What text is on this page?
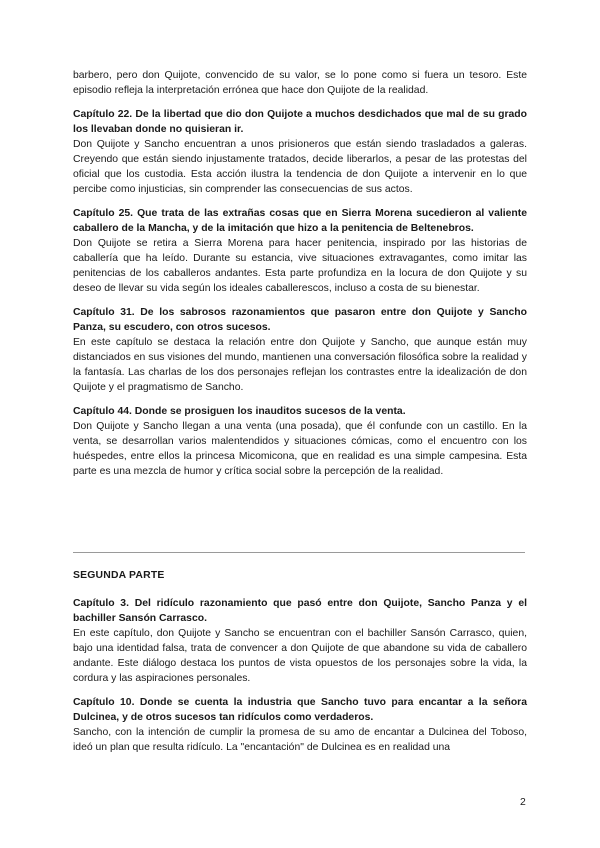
barbero, pero don Quijote, convencido de su valor, se lo pone como si fuera un tesoro. Este episodio refleja la interpretación errónea que hace don Quijote de la realidad.

Capítulo 22. De la libertad que dio don Quijote a muchos desdichados que mal de su grado los llevaban donde no quisieran ir.

Don Quijote y Sancho encuentran a unos prisioneros que están siendo trasladados a galeras. Creyendo que están siendo injustamente tratados, decide liberarlos, a pesar de las protestas del oficial que los custodia. Esta acción ilustra la tendencia de don Quijote a intervenir en lo que percibe como injusticias, sin comprender las consecuencias de sus actos.

Capítulo 25. Que trata de las extrañas cosas que en Sierra Morena sucedieron al valiente caballero de la Mancha, y de la imitación que hizo a la penitencia de Beltenebros.

Don Quijote se retira a Sierra Morena para hacer penitencia, inspirado por las historias de caballería que ha leído. Durante su estancia, vive situaciones extravagantes, como imitar las penitencias de los caballeros andantes. Esta parte profundiza en la locura de don Quijote y su deseo de llevar su vida según los ideales caballerescos, incluso a costa de su bienestar.

Capítulo 31. De los sabrosos razonamientos que pasaron entre don Quijote y Sancho Panza, su escudero, con otros sucesos.

En este capítulo se destaca la relación entre don Quijote y Sancho, que aunque están muy distanciados en sus visiones del mundo, mantienen una conversación filosófica sobre la realidad y la fantasía. Las charlas de los dos personajes reflejan los contrastes entre la idealización de don Quijote y el pragmatismo de Sancho.

Capítulo 44. Donde se prosiguen los inauditos sucesos de la venta.

Don Quijote y Sancho llegan a una venta (una posada), que él confunde con un castillo. En la venta, se desarrollan varios malentendidos y situaciones cómicas, como el encuentro con los huéspedes, entre ellos la princesa Micomicona, que en realidad es una simple campesina. Esta parte es una mezcla de humor y crítica social sobre la percepción de la realidad.

SEGUNDA PARTE

Capítulo 3. Del ridículo razonamiento que pasó entre don Quijote, Sancho Panza y el bachiller Sansón Carrasco.

En este capítulo, don Quijote y Sancho se encuentran con el bachiller Sansón Carrasco, quien, bajo una identidad falsa, trata de convencer a don Quijote de que abandone su vida de caballero andante. Este diálogo destaca los puntos de vista opuestos de los personajes sobre la vida, la cordura y las aspiraciones personales.

Capítulo 10. Donde se cuenta la industria que Sancho tuvo para encantar a la señora Dulcinea, y de otros sucesos tan ridículos como verdaderos.

Sancho, con la intención de cumplir la promesa de su amo de encantar a Dulcinea del Toboso, ideó un plan que resulta ridículo. La "encantación" de Dulcinea es en realidad una

2
